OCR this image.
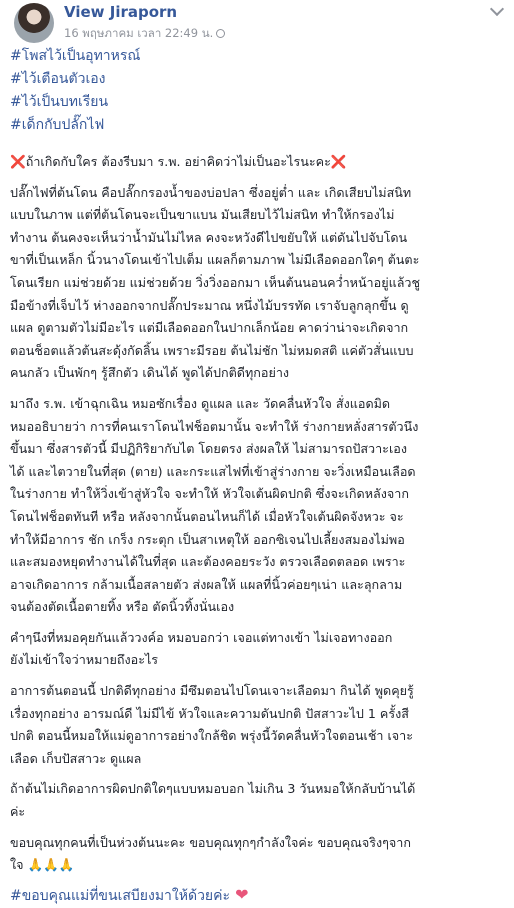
View Jiraporn
16 พฤษภาคม เวลา 22:49 น.
#โพสไว้เป็นอุทาหรณ์
#ไว้เตือนตัวเอง
#ไว้เป็นบทเรียน
#เด็กกับปลั๊กไฟ
❌ถ้าเกิดกับใคร ต้องรีบมา ร.พ. อย่าคิดว่าไม่เป็นอะไรนะคะ❌
ปลั๊กไฟที่ต้นโดน คือปลั๊กกรองน้ำของบ่อปลา ซึ่งอยู่ต่ำ และ เกิดเสียบไม่สนิท
แบบในภาพ แต่ที่ต้นโดนจะเป็นขาแบน มันเสียบไว้ไม่สนิท ทำให้กรองไม่
ทำงาน ต้นคงจะเห็นว่าน้ำมันไม่ไหล คงจะหวังดีไปขยับให้ แต่ดันไปจับโดน
ขาที่เป็นเหล็ก นิ้วนางโดนเข้าไปเต็ม แผลก็ตามภาพ ไม่มีเลือดออกใดๆ ต้นตะ
โดนเรียก แม่ช่วยด้วย แม่ช่วยด้วย วิ่งวิ่งออกมา เห็นต้นนอนคว่ำหน้าอยู่แล้วชู
มือข้างที่เจ็บไว้ ห่างออกจากปลั๊กประมาณ หนึ่งไม้บรรทัด เราจับลูกลุกขึ้น ดู
แผล ดูตามตัวไม่มีอะไร แต่มีเลือดออกในปากเล็กน้อย คาดว่าน่าจะเกิดจาก
ตอนช็อตแล้วต้นสะดุ้งกัดลิ้น เพราะมีรอย ต้นไม่ชัก ไม่หมดสติ แค่ตัวสั่นแบบ
คนกลัว เป็นพักๆ รู้สึกตัว เดินได้ พูดได้ปกติดีทุกอย่าง
มาถึง ร.พ. เข้าฉุกเฉิน หมอซักเรื่อง ดูแผล และ วัดคลื่นหัวใจ สั่งแอดมิด
หมออธิบายว่า การที่คนเราโดนไฟช็อตมานั้น จะทำให้ ร่างกายหลั่งสารตัวนึง
ขึ้นมา ซึ่งสารตัวนี้ มีปฏิกิริยากับไต โดยตรง ส่งผลให้ ไม่สามารถปัสวาะเอง
ได้ และไตวายในที่สุด (ตาย) และกระแสไฟที่เข้าสู่ร่างกาย จะวิ่งเหมือนเลือด
ในร่างกาย ทำให้วิ่งเข้าสู่หัวใจ จะทำให้ หัวใจเต้นผิดปกติ ซึ่งจะเกิดหลังจาก
โดนไฟช็อตทันที หรือ หลังจากนั้นตอนไหนก็ได้ เมื่อหัวใจเต้นผิดจังหวะ จะ
ทำให้มีอาการ ชัก เกร็ง กระตุก เป็นสาเหตุให้ ออกซิเจนไปเลี้ยงสมองไม่พอ
และสมองหยุดทำงานได้ในที่สุด และต้องคอยระวัง ตรวจเลือดตลอด เพราะ
อาจเกิดอาการ กล้ามเนื้อสลายตัว ส่งผลให้ แผลที่นิ้วค่อยๆเน่า และลุกลาม
จนต้องตัดเนื้อตายทิ้ง หรือ ตัดนิ้วทิ้งนั่นเอง
คำๆนึงที่หมอคุยกันแล้ววงค์อ หมอบอกว่า เจอแต่ทางเข้า ไม่เจอทางออก
ยังไม่เข้าใจว่าหมายถึงอะไร
อาการต้นตอนนี้ ปกติดีทุกอย่าง มีซึมตอนไปโดนเจาะเลือดมา กินได้ พูดคุยรู้
เรื่องทุกอย่าง อารมณ์ดี ไม่มีไข้ หัวใจและความดันปกติ ปัสสาวะไป 1 ครั้งสี
ปกติ ตอนนี้หมอให้แม่ดูอาการอย่างใกล้ชิด พรุ่งนี้วัดคลื่นหัวใจตอนเช้า เจาะ
เลือด เก็บปัสสาวะ ดูแผล
ถ้าต้นไม่เกิดอาการผิดปกติใดๆแบบหมอบอก ไม่เกิน 3 วันหมอให้กลับบ้านได้
ค่ะ
ขอบคุณทุกคนที่เป็นห่วงต้นนะคะ ขอบคุณทุกๆกำลังใจค่ะ ขอบคุณจริงๆจาก
ใจ 🙏🙏🙏
#ขอบคุณแม่ที่ขนเสบียงมาให้ด้วยค่ะ ❤
